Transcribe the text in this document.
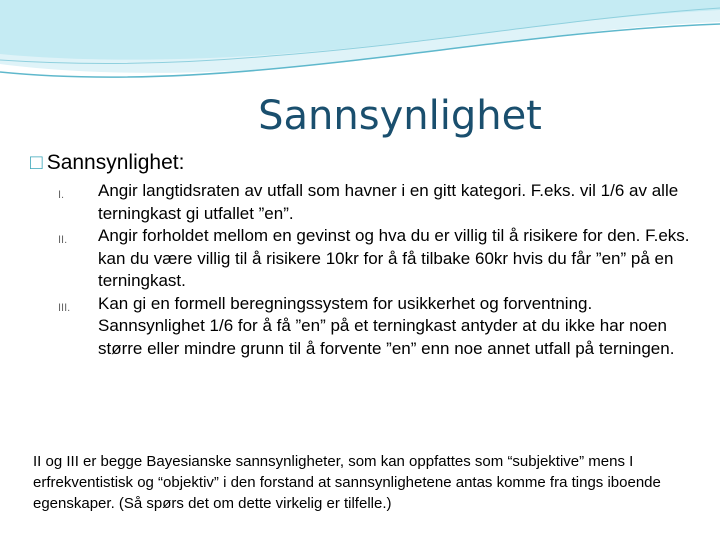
Sannsynlighet
□ Sannsynlighet:
I. Angir langtidsraten av utfall som havner i en gitt kategori. F.eks. vil 1/6 av alle terningkast gi utfallet ”en”.
II. Angir forholdet mellom en gevinst og hva du er villig til å risikere for den. F.eks. kan du være villig til å risikere 10kr for å få tilbake 60kr hvis du får ”en” på en terningkast.
III. Kan gi en formell beregningssystem for usikkerhet og forventning. Sannsynlighet 1/6 for å få ”en” på et terningkast antyder at du ikke har noen større eller mindre grunn til å forvente ”en” enn noe annet utfall på terningen.
II og III er begge Bayesianske sannsynligheter, som kan oppfattes som “subjektive” mens I erfrekventistisk og “objektiv” i den forstand at sannsynlighetene antas komme fra tings iboende egenskaper. (Så spørs det om dette virkelig er tilfelle.)
